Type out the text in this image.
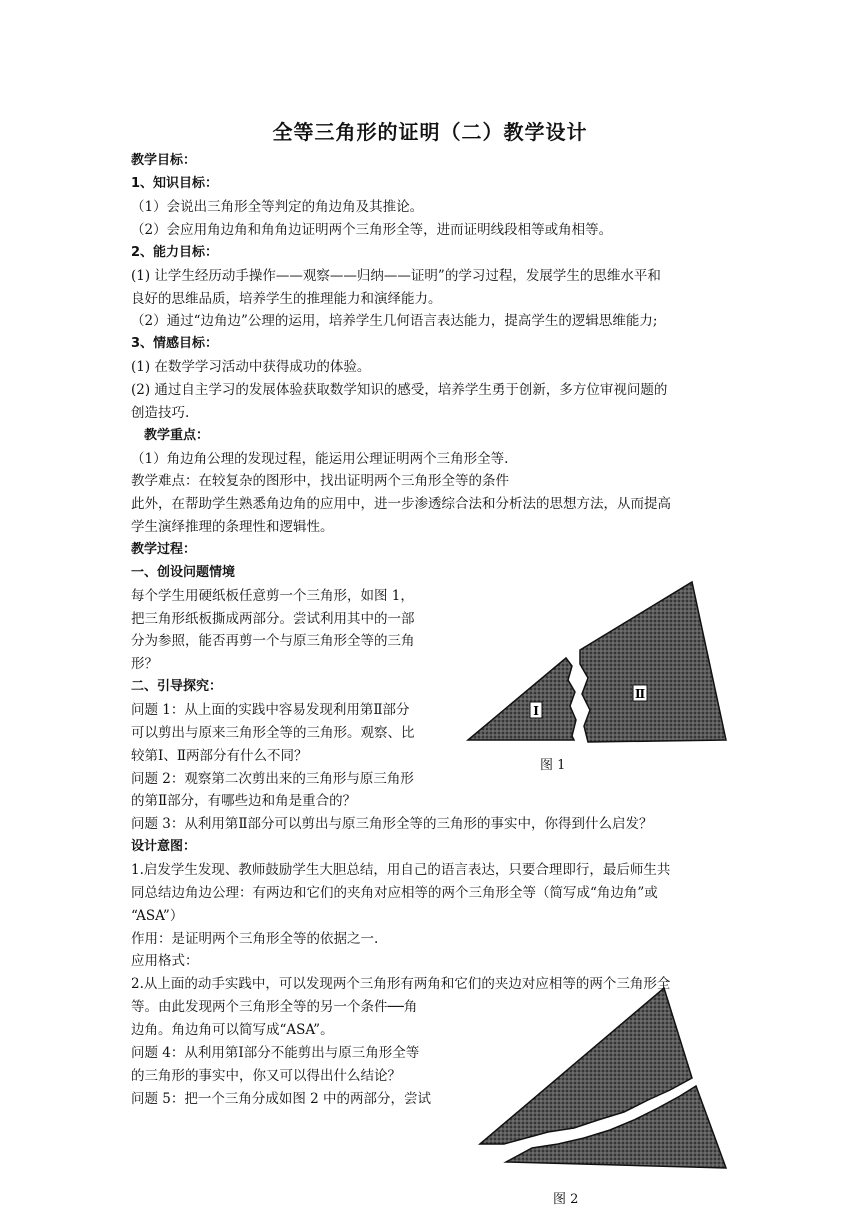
全等三角形的证明（二）教学设计
教学目标：
1、知识目标：
（1）会说出三角形全等判定的角边角及其推论。
（2）会应用角边角和角角边证明两个三角形全等，进而证明线段相等或角相等。
2、能力目标：
(1) 让学生经历动手操作——观察——归纳——证明”的学习过程，发展学生的思维水平和
良好的思维品质，培养学生的推理能力和演绎能力。
（2）通过“边角边”公理的运用，培养学生几何语言表达能力，提高学生的逻辑思维能力;
3、情感目标：
(1) 在数学学习活动中获得成功的体验。
(2) 通过自主学习的发展体验获取数学知识的感受，培养学生勇于创新，多方位审视问题的
创造技巧.
教学重点：
（1）角边角公理的发现过程，能运用公理证明两个三角形全等.
教学难点：在较复杂的图形中，找出证明两个三角形全等的条件
此外，在帮助学生熟悉角边角的应用中，进一步渗透综合法和分析法的思想方法，从而提高
学生演绎推理的条理性和逻辑性。
教学过程：
一、创设问题情境
每个学生用硬纸板任意剪一个三角形，如图 1，
把三角形纸板撕成两部分。尝试利用其中的一部
分为参照，能否再剪一个与原三角形全等的三角
形？
二、引导探究：
问题 1：从上面的实践中容易发现利用第Ⅱ部分
可以剪出与原来三角形全等的三角形。观察、比
较第Ⅰ、Ⅱ两部分有什么不同？
问题 2：观察第二次剪出来的三角形与原三角形
的第Ⅱ部分，有哪些边和角是重合的？
问题 3：从利用第Ⅱ部分可以剪出与原三角形全等的三角形的事实中，你得到什么启发？
设计意图：
1.启发学生发现、教师鼓励学生大胆总结，用自己的语言表达，只要合理即行，最后师生共
同总结边角边公理：有两边和它们的夹角对应相等的两个三角形全等（简写成“角边角”或
“ASA”）
作用：是证明两个三角形全等的依据之一.
应用格式：
2.从上面的动手实践中，可以发现两个三角形有两角和它们的夹边对应相等的两个三角形全
等。由此发现两个三角形全等的另一个条件──角
边角。角边角可以简写成“ASA”。
问题 4：从利用第Ⅰ部分不能剪出与原三角形全等
的三角形的事实中，你又可以得出什么结论？
问题 5：把一个三角分成如图 2 中的两部分，尝试
Ⅰ
Ⅱ
图 1
图 2
